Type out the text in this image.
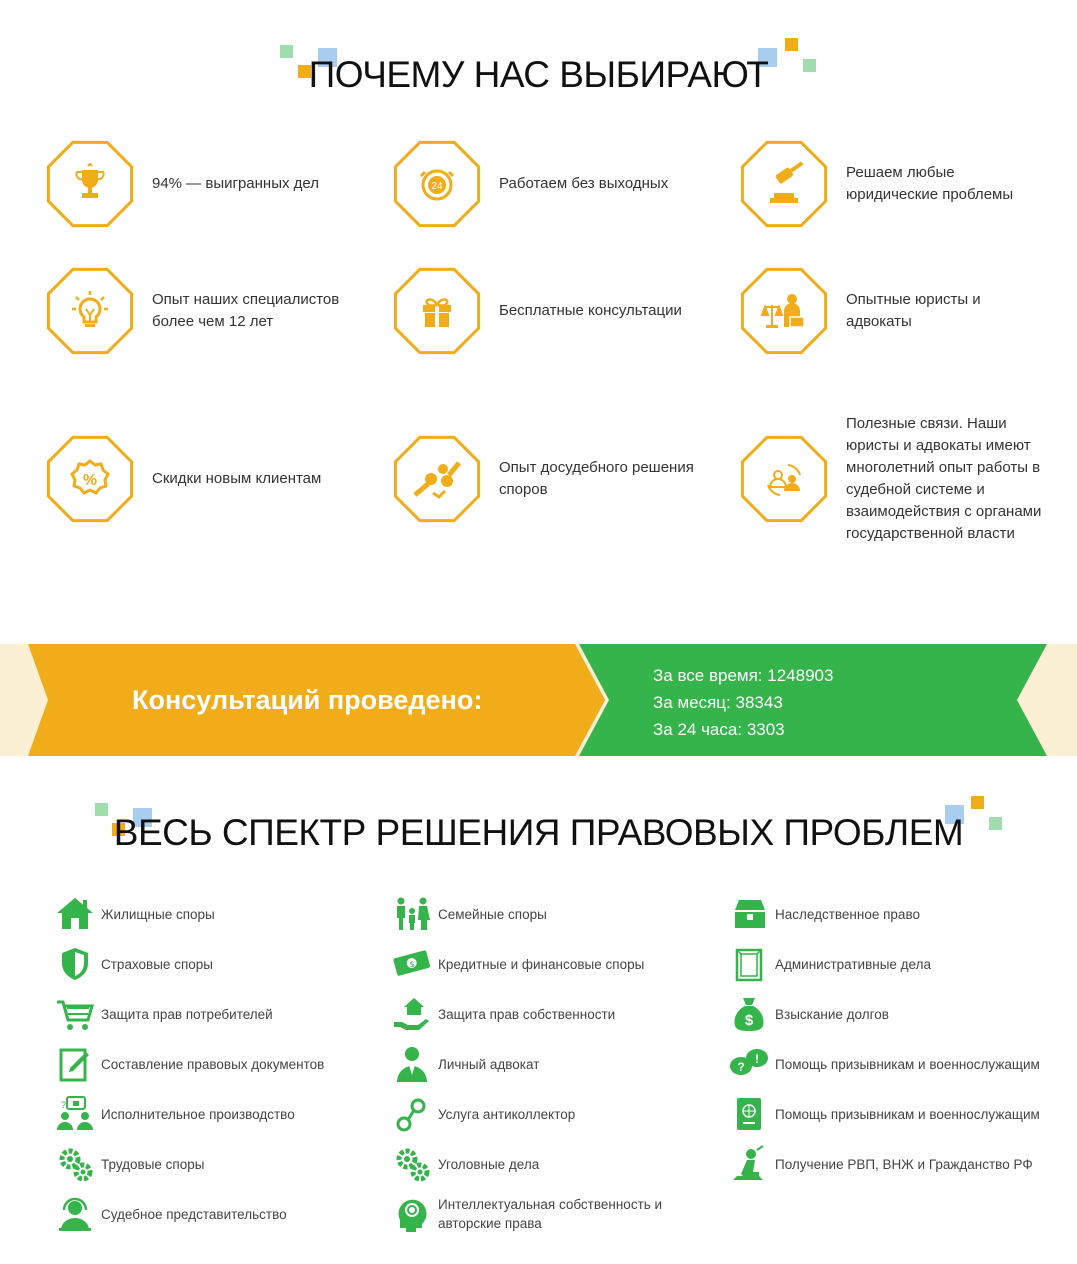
ПОЧЕМУ НАС ВЫБИРАЮТ
94% — выигранных дел	24	Работаем без выходных
Решаем любые юридические проблемы
Опыт наших специалистов более чем 12 лет
Бесплатные консультации
Опытные юристы и адвокаты
%	Скидки новым клиентам
Опыт досудебного решения споров
Полезные связи. Наши юристы и адвокаты имеют многолетний опыт работы в судебной системе и взаимодействия с органами государственной власти
Консультаций проведено:
За все время: 1248903
За месяц: 38343
За 24 часа: 3303
ВЕСЬ СПЕКТР РЕШЕНИЯ ПРАВОВЫХ ПРОБЛЕМ
Жилищные споры
Страховые споры
Защита прав потребителей
Составление правовых документов
?
Исполнительное производство
Трудовые споры
Судебное представительство
Семейные споры
$ Кредитные и финансовые споры
Защита прав собственности
Личный адвокат
Услуга антиколлектор
Уголовные дела
Интеллектуальная собственность и авторские права
Наследственное право
Административные дела
$ Взыскание долгов
?
! Помощь призывникам и военнослужащим
Помощь призывникам и военнослужащим
Получение РВП, ВНЖ и Гражданство РФ
